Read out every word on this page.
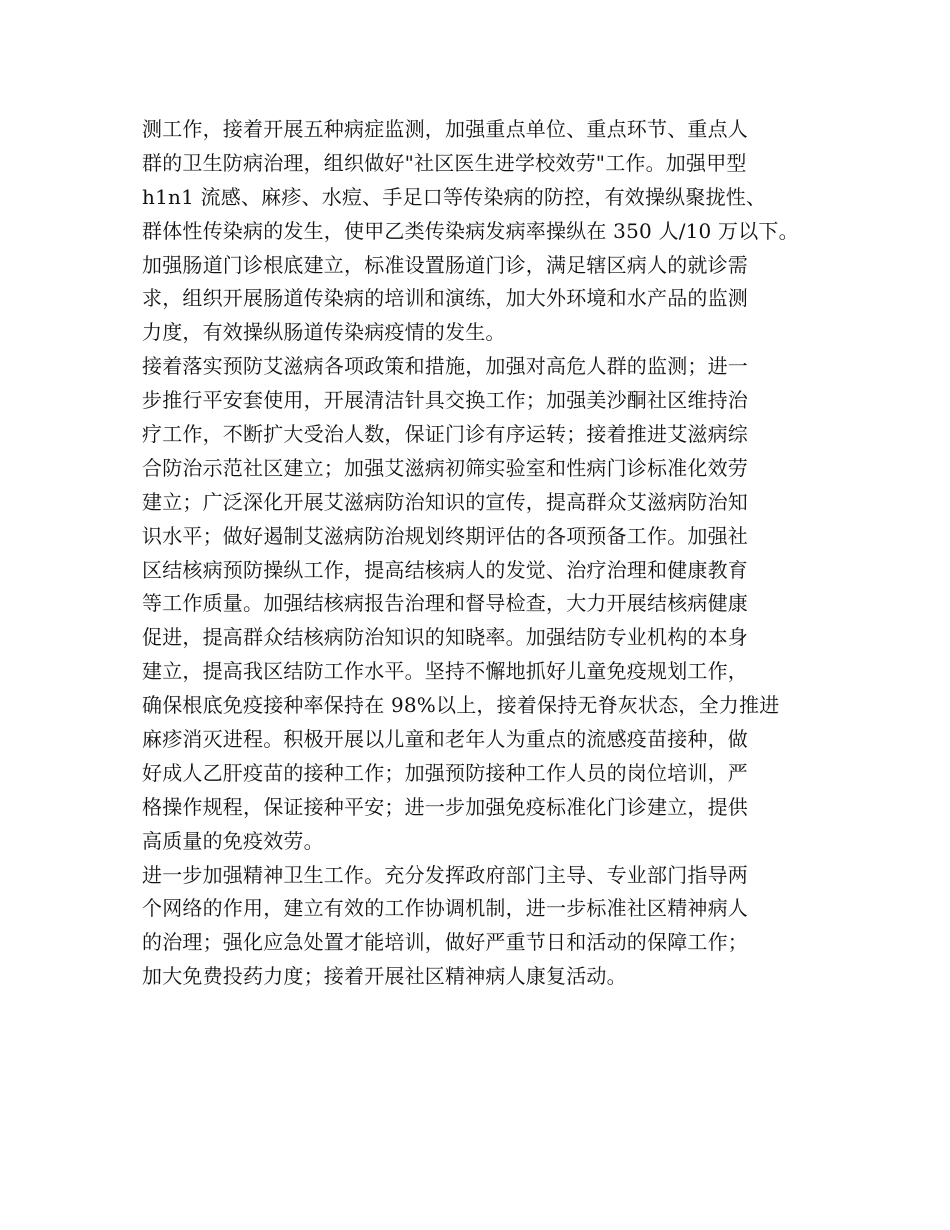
测工作，接着开展五种病症监测，加强重点单位、重点环节、重点人
群的卫生防病治理，组织做好"社区医生进学校效劳"工作。加强甲型
h1n1 流感、麻疹、水痘、手足口等传染病的防控，有效操纵聚拢性、
群体性传染病的发生，使甲乙类传染病发病率操纵在 350 人/10 万以下。
加强肠道门诊根底建立，标准设置肠道门诊，满足辖区病人的就诊需
求，组织开展肠道传染病的培训和演练，加大外环境和水产品的监测
力度，有效操纵肠道传染病疫情的发生。
接着落实预防艾滋病各项政策和措施，加强对高危人群的监测；进一
步推行平安套使用，开展清洁针具交换工作；加强美沙酮社区维持治
疗工作，不断扩大受治人数，保证门诊有序运转；接着推进艾滋病综
合防治示范社区建立；加强艾滋病初筛实验室和性病门诊标准化效劳
建立；广泛深化开展艾滋病防治知识的宣传，提高群众艾滋病防治知
识水平；做好遏制艾滋病防治规划终期评估的各项预备工作。加强社
区结核病预防操纵工作，提高结核病人的发觉、治疗治理和健康教育
等工作质量。加强结核病报告治理和督导检查，大力开展结核病健康
促进，提高群众结核病防治知识的知晓率。加强结防专业机构的本身
建立，提高我区结防工作水平。坚持不懈地抓好儿童免疫规划工作，
确保根底免疫接种率保持在 98%以上，接着保持无脊灰状态，全力推进
麻疹消灭进程。积极开展以儿童和老年人为重点的流感疫苗接种，做
好成人乙肝疫苗的接种工作；加强预防接种工作人员的岗位培训，严
格操作规程，保证接种平安；进一步加强免疫标准化门诊建立，提供
高质量的免疫效劳。
进一步加强精神卫生工作。充分发挥政府部门主导、专业部门指导两
个网络的作用，建立有效的工作协调机制，进一步标准社区精神病人
的治理；强化应急处置才能培训，做好严重节日和活动的保障工作；
加大免费投药力度；接着开展社区精神病人康复活动。
